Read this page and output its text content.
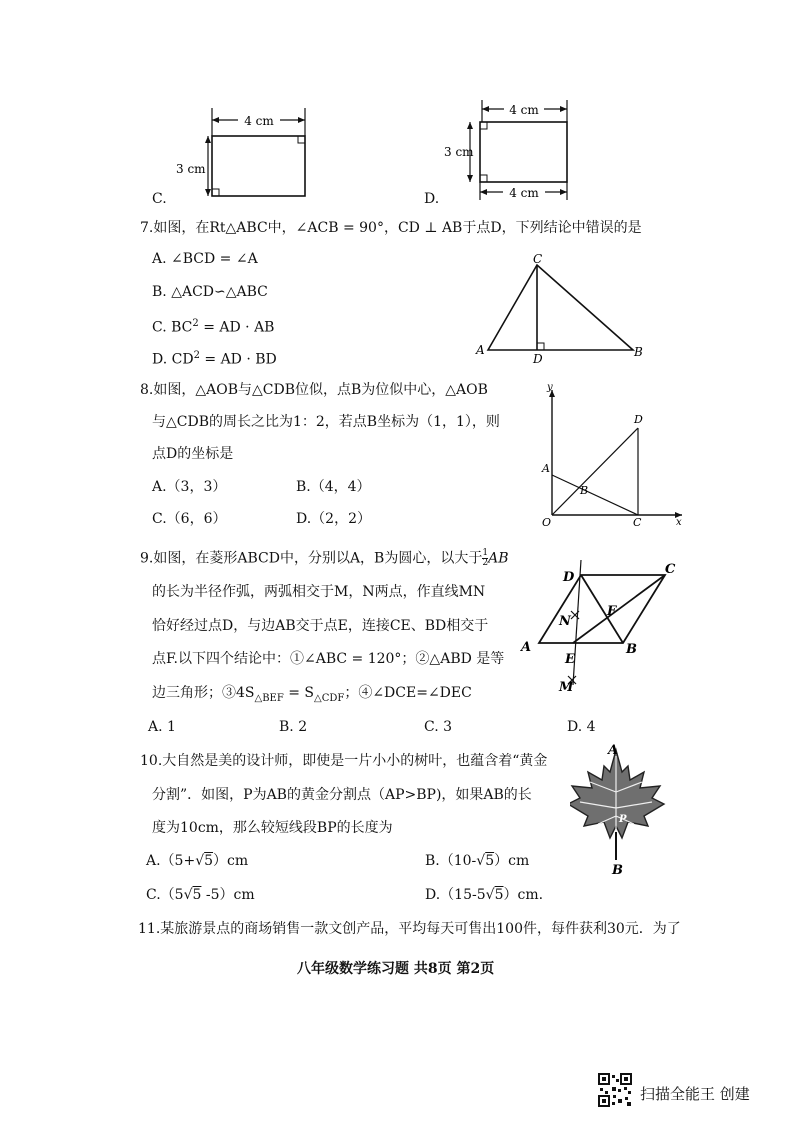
4 cm
3 cm
C.
4 cm
4 cm
3 cm
D.
7.如图，在Rt△ABC中，∠ACB = 90°，CD ⊥ AB于点D，下列结论中错误的是
A. ∠BCD = ∠A
B. △ACD∽△ABC
C. $BC^2$ = AD · AB
D. $CD^2$ = AD · BD
C
A
D	B
8.如图，△AOB与△CDB位似，点B为位似中心，△AOB
与△CDB的周长之比为1：2，若点B坐标为（1，1），则
点D的坐标是
A.（3，3）	B.（4，4）
C.（6，6）	D.（2，2）
y
x
O
A
B
C
D
9.如图，在菱形ABCD中，分别以A，B为圆心，以大于 $\frac{1}{2}$ AB
的长为半径作弧，两弧相交于M，N两点，作直线MN
恰好经过点D，与边AB交于点E，连接CE、BD相交于
点F.以下四个结论中：①∠ABC = 120°；②△ABD 是等
边三角形；$③4S_{\triangle BEF} = S_{\triangle CDF}$；④∠DCE=∠DEC
A. 1	B. 2	C. 3	D. 4
D
C
A	B
N
F
E
M
10.大自然是美的设计师，即使是一片小小的树叶，也蕴含着“黄金
分割”．如图，P为AB的黄金分割点（AP>BP)，如果AB的长
度为10cm，那么较短线段BP的长度为
A.（5+√5）cm	B.（10-√5）cm
C.（5√5 -5）cm	D.（15-5√5）cm.
A
P
B
11.某旅游景点的商场销售一款文创产品，平均每天可售出100件，每件获利30元．为了
八年级数学练习题 共8页 第2页
扫描全能王 创建
